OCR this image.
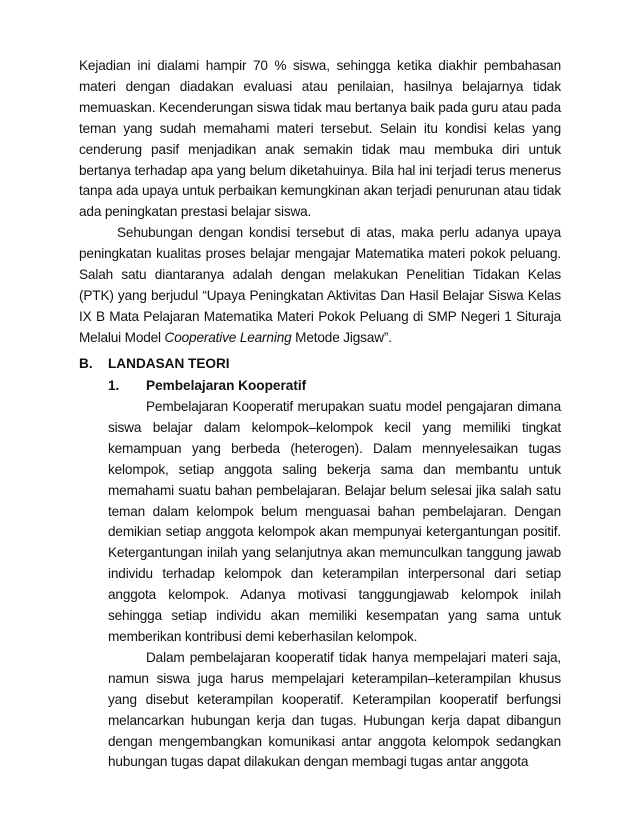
Kejadian ini dialami hampir 70 % siswa, sehingga ketika diakhir pembahasan materi dengan diadakan evaluasi atau penilaian, hasilnya belajarnya tidak memuaskan. Kecenderungan siswa tidak mau bertanya baik pada guru atau pada teman yang sudah memahami materi tersebut. Selain itu kondisi kelas yang cenderung pasif menjadikan anak semakin tidak mau membuka diri untuk bertanya terhadap apa yang belum diketahuinya. Bila hal ini terjadi terus menerus tanpa ada upaya untuk perbaikan kemungkinan akan terjadi penurunan atau tidak ada peningkatan prestasi belajar siswa.

Sehubungan dengan kondisi tersebut di atas, maka perlu adanya upaya peningkatan kualitas proses belajar mengajar Matematika materi pokok peluang. Salah satu diantaranya adalah dengan melakukan Penelitian Tidakan Kelas (PTK) yang berjudul “Upaya Peningkatan Aktivitas Dan Hasil Belajar Siswa Kelas IX B Mata Pelajaran Matematika Materi Pokok Peluang di SMP Negeri 1 Situraja Melalui Model Cooperative Learning Metode Jigsaw”.

B. LANDASAN TEORI
1. Pembelajaran Kooperatif

Pembelajaran Kooperatif merupakan suatu model pengajaran dimana siswa belajar dalam kelompok–kelompok kecil yang memiliki tingkat kemampuan yang berbeda (heterogen). Dalam mennyelesaikan tugas kelompok, setiap anggota saling bekerja sama dan membantu untuk memahami suatu bahan pembelajaran. Belajar belum selesai jika salah satu teman dalam kelompok belum menguasai bahan pembelajaran. Dengan demikian setiap anggota kelompok akan mempunyai ketergantungan positif. Ketergantungan inilah yang selanjutnya akan memunculkan tanggung jawab individu terhadap kelompok dan keterampilan interpersonal dari setiap anggota kelompok. Adanya motivasi tanggungjawab kelompok inilah sehingga setiap individu akan memiliki kesempatan yang sama untuk memberikan kontribusi demi keberhasilan kelompok.

Dalam pembelajaran kooperatif tidak hanya mempelajari materi saja, namun siswa juga harus mempelajari keterampilan–keterampilan khusus yang disebut keterampilan kooperatif. Keterampilan kooperatif berfungsi melancarkan hubungan kerja dan tugas. Hubungan kerja dapat dibangun dengan mengembangkan komunikasi antar anggota kelompok sedangkan hubungan tugas dapat dilakukan dengan membagi tugas antar anggota
